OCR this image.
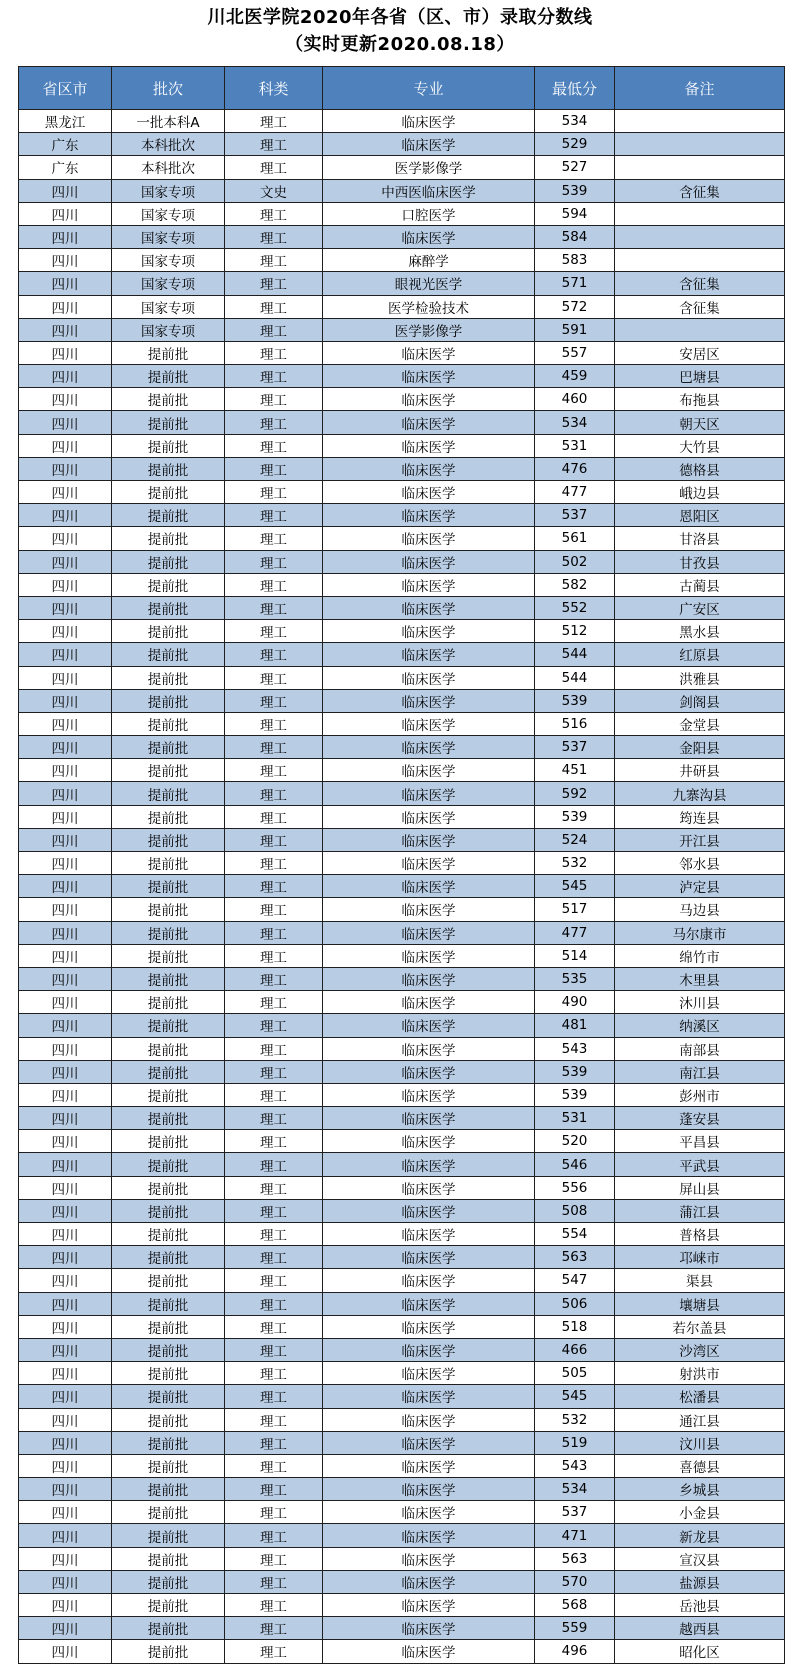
川北医学院2020年各省（区、市）录取分数线
（实时更新2020.08.18）
省区市	批次	科类	专业	最低分	备注
黑龙江	一批本科A	理工	临床医学	534	
广东	本科批次	理工	临床医学	529	
广东	本科批次	理工	医学影像学	527	
四川	国家专项	文史	中西医临床医学	539	含征集
四川	国家专项	理工	口腔医学	594	
四川	国家专项	理工	临床医学	584	
四川	国家专项	理工	麻醉学	583	
四川	国家专项	理工	眼视光医学	571	含征集
四川	国家专项	理工	医学检验技术	572	含征集
四川	国家专项	理工	医学影像学	591	
四川	提前批	理工	临床医学	557	安居区
四川	提前批	理工	临床医学	459	巴塘县
四川	提前批	理工	临床医学	460	布拖县
四川	提前批	理工	临床医学	534	朝天区
四川	提前批	理工	临床医学	531	大竹县
四川	提前批	理工	临床医学	476	德格县
四川	提前批	理工	临床医学	477	峨边县
四川	提前批	理工	临床医学	537	恩阳区
四川	提前批	理工	临床医学	561	甘洛县
四川	提前批	理工	临床医学	502	甘孜县
四川	提前批	理工	临床医学	582	古蔺县
四川	提前批	理工	临床医学	552	广安区
四川	提前批	理工	临床医学	512	黑水县
四川	提前批	理工	临床医学	544	红原县
四川	提前批	理工	临床医学	544	洪雅县
四川	提前批	理工	临床医学	539	剑阁县
四川	提前批	理工	临床医学	516	金堂县
四川	提前批	理工	临床医学	537	金阳县
四川	提前批	理工	临床医学	451	井研县
四川	提前批	理工	临床医学	592	九寨沟县
四川	提前批	理工	临床医学	539	筠连县
四川	提前批	理工	临床医学	524	开江县
四川	提前批	理工	临床医学	532	邻水县
四川	提前批	理工	临床医学	545	泸定县
四川	提前批	理工	临床医学	517	马边县
四川	提前批	理工	临床医学	477	马尔康市
四川	提前批	理工	临床医学	514	绵竹市
四川	提前批	理工	临床医学	535	木里县
四川	提前批	理工	临床医学	490	沐川县
四川	提前批	理工	临床医学	481	纳溪区
四川	提前批	理工	临床医学	543	南部县
四川	提前批	理工	临床医学	539	南江县
四川	提前批	理工	临床医学	539	彭州市
四川	提前批	理工	临床医学	531	蓬安县
四川	提前批	理工	临床医学	520	平昌县
四川	提前批	理工	临床医学	546	平武县
四川	提前批	理工	临床医学	556	屏山县
四川	提前批	理工	临床医学	508	蒲江县
四川	提前批	理工	临床医学	554	普格县
四川	提前批	理工	临床医学	563	邛崃市
四川	提前批	理工	临床医学	547	渠县
四川	提前批	理工	临床医学	506	壤塘县
四川	提前批	理工	临床医学	518	若尔盖县
四川	提前批	理工	临床医学	466	沙湾区
四川	提前批	理工	临床医学	505	射洪市
四川	提前批	理工	临床医学	545	松潘县
四川	提前批	理工	临床医学	532	通江县
四川	提前批	理工	临床医学	519	汶川县
四川	提前批	理工	临床医学	543	喜德县
四川	提前批	理工	临床医学	534	乡城县
四川	提前批	理工	临床医学	537	小金县
四川	提前批	理工	临床医学	471	新龙县
四川	提前批	理工	临床医学	563	宣汉县
四川	提前批	理工	临床医学	570	盐源县
四川	提前批	理工	临床医学	568	岳池县
四川	提前批	理工	临床医学	559	越西县
四川	提前批	理工	临床医学	496	昭化区
